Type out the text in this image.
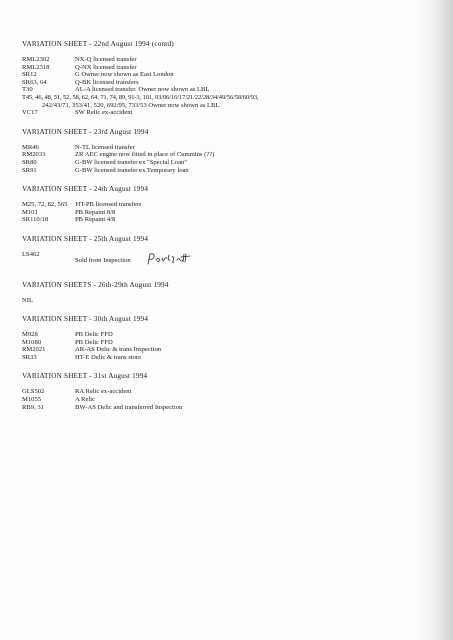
VARIATION SHEET - 22nd August 1994 (contd)
RML2302	NX-Q licensed transfer
RML2318	Q-NX licensed transfer
SR12	G Owner now shown as East London
SR63, 64	Q-BK licensed transfers
T30	AL-A licensed transfer. Owner now shown as LBL
T45, 46, 48, 51, 52, 58, 62, 64, 71, 74, 89, 91-3, 101, 03/06/16/17/21/22/28/34/49/56/58/60/93,
242/43/71, 353/41, 520, 692/95, 733/53 Owner now shown as LBL
VC17	SW Relic ex-accident
VARIATION SHEET - 23rd August 1994
MR46	N-TL licensed transfer
RM2033	ZR AEC engine now fitted in place of Cummins (??)
SR80	G-BW licensed transfer ex "Special Loan"
SR91	G-BW licensed transfer ex Temporary loan
VARIATION SHEET - 24th August 1994
M25, 72, 82, 565 HT-PB licensed transfers
M101	PB Repaint 8/8
SR110/18	PB Repaint 4/8
VARIATION SHEET - 25th August 1994
LS462
Sold from Inspection
VARIATION SHEETS - 26th-29th August 1994
NIL
VARIATION SHEET - 30th August 1994
M928	PB Delic FFD
M1080	PB Delic FFD
RM2021	AR-AS Delic & trans Inspection
SR33	HT-E Delic & trans store
VARIATION SHEET - 31st August 1994
GLS502	RA Relic ex-accident
M1055	A Relic
RB9, 31	BW-AS Delic and transferred Inspection
